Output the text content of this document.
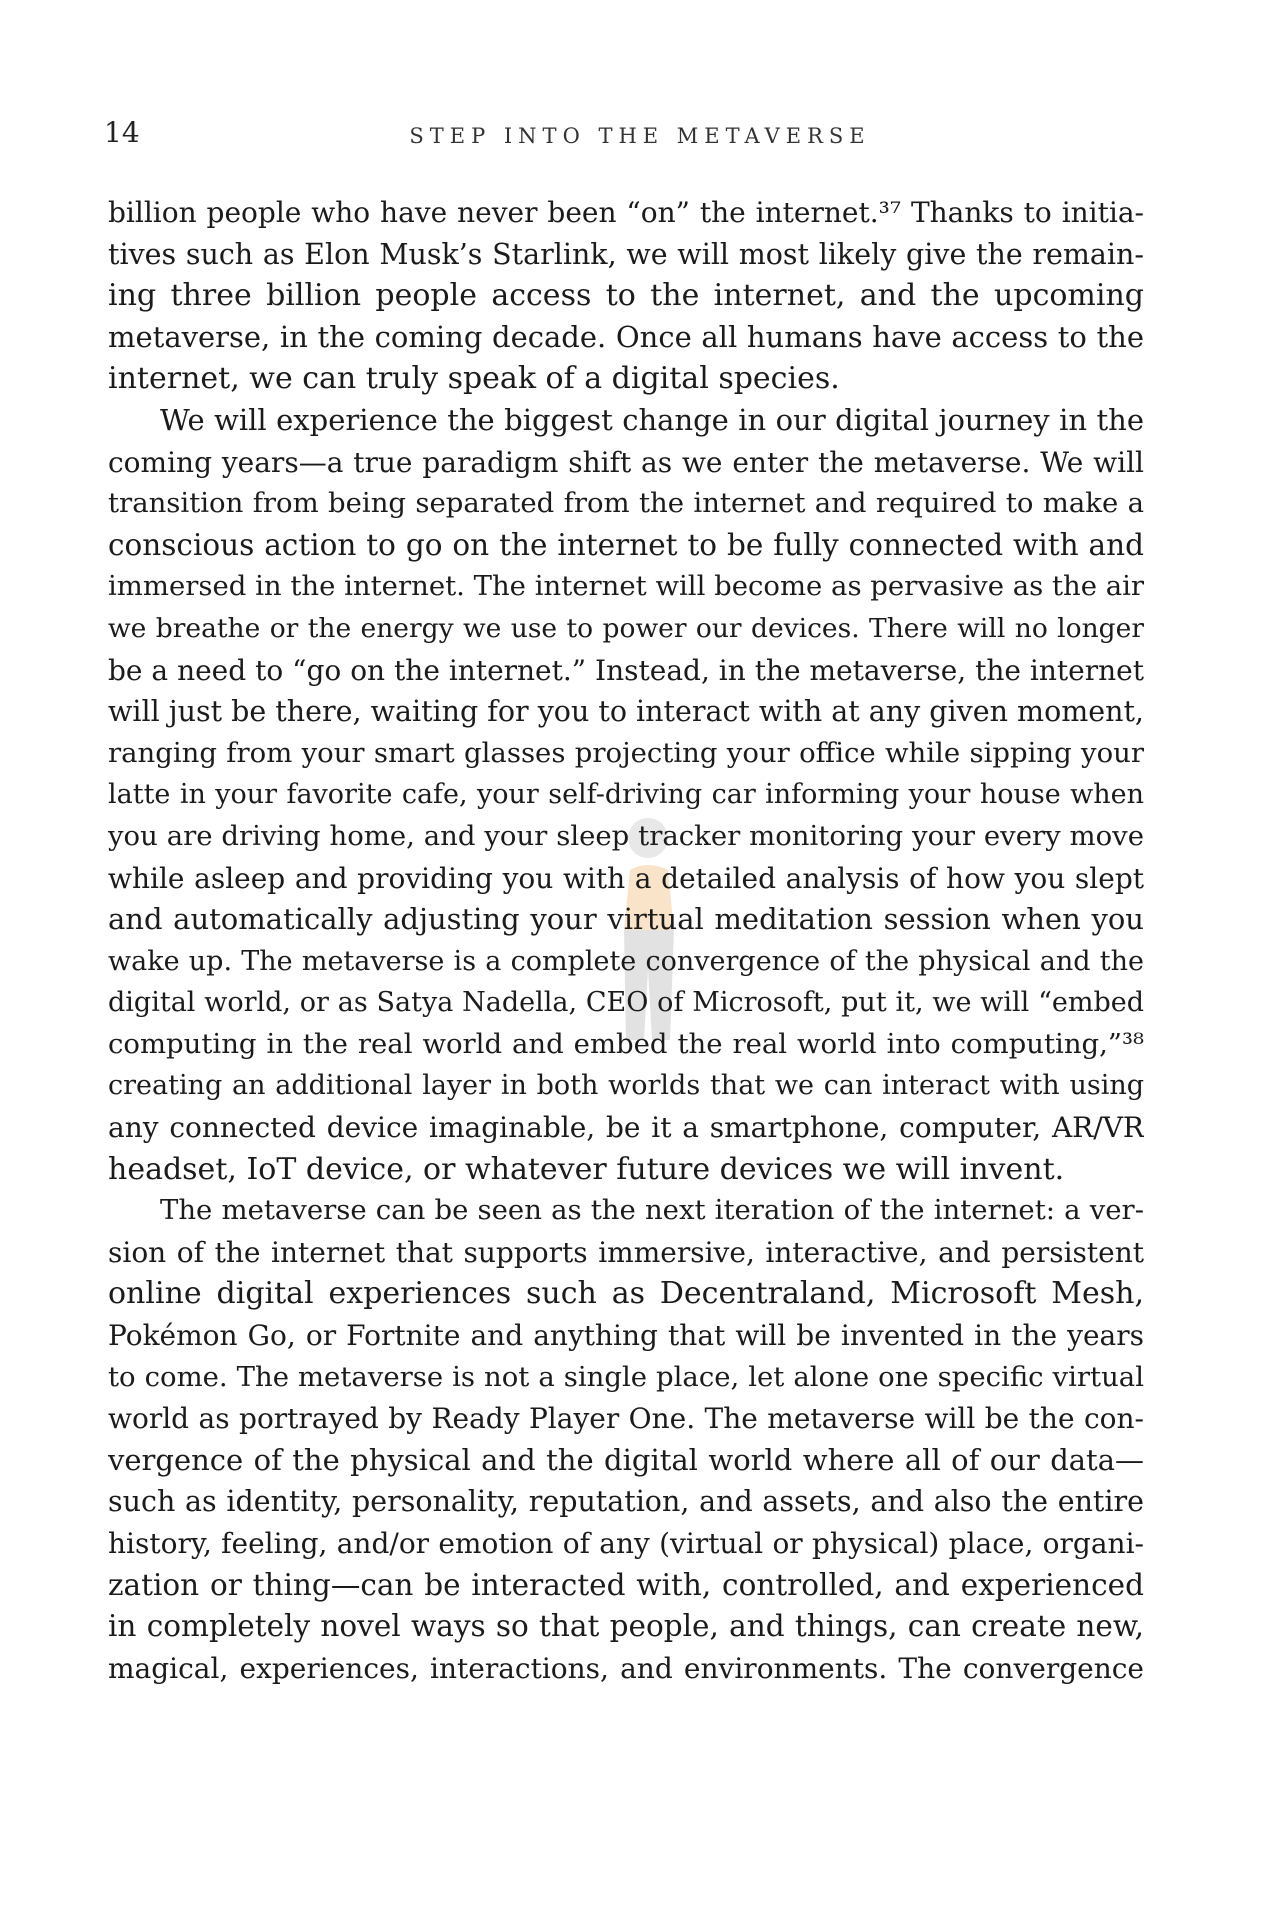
14	STEP INTO THE METAVERSE
billion people who have never been “on” the internet.³⁷ Thanks to initia-
tives such as Elon Musk’s Starlink, we will most likely give the remain-
ing three billion people access to the internet, and the upcoming
metaverse, in the coming decade. Once all humans have access to the
internet, we can truly speak of a digital species.
We will experience the biggest change in our digital journey in the
coming years—a true paradigm shift as we enter the metaverse. We will
transition from being separated from the internet and required to make a
conscious action to go on the internet to be fully connected with and
immersed in the internet. The internet will become as pervasive as the air
we breathe or the energy we use to power our devices. There will no longer
be a need to “go on the internet.” Instead, in the metaverse, the internet
will just be there, waiting for you to interact with at any given moment,
ranging from your smart glasses projecting your office while sipping your
latte in your favorite cafe, your self-driving car informing your house when
you are driving home, and your sleep tracker monitoring your every move
while asleep and providing you with a detailed analysis of how you slept
and automatically adjusting your virtual meditation session when you
wake up. The metaverse is a complete convergence of the physical and the
digital world, or as Satya Nadella, CEO of Microsoft, put it, we will “embed
computing in the real world and embed the real world into computing,”³⁸
creating an additional layer in both worlds that we can interact with using
any connected device imaginable, be it a smartphone, computer, AR/VR
headset, IoT device, or whatever future devices we will invent.
The metaverse can be seen as the next iteration of the internet: a ver-
sion of the internet that supports immersive, interactive, and persistent
online digital experiences such as Decentraland, Microsoft Mesh,
Pokémon Go, or Fortnite and anything that will be invented in the years
to come. The metaverse is not a single place, let alone one specific virtual
world as portrayed by Ready Player One. The metaverse will be the con-
vergence of the physical and the digital world where all of our data—
such as identity, personality, reputation, and assets, and also the entire
history, feeling, and/or emotion of any (virtual or physical) place, organi-
zation or thing—can be interacted with, controlled, and experienced
in completely novel ways so that people, and things, can create new,
magical, experiences, interactions, and environments. The convergence
